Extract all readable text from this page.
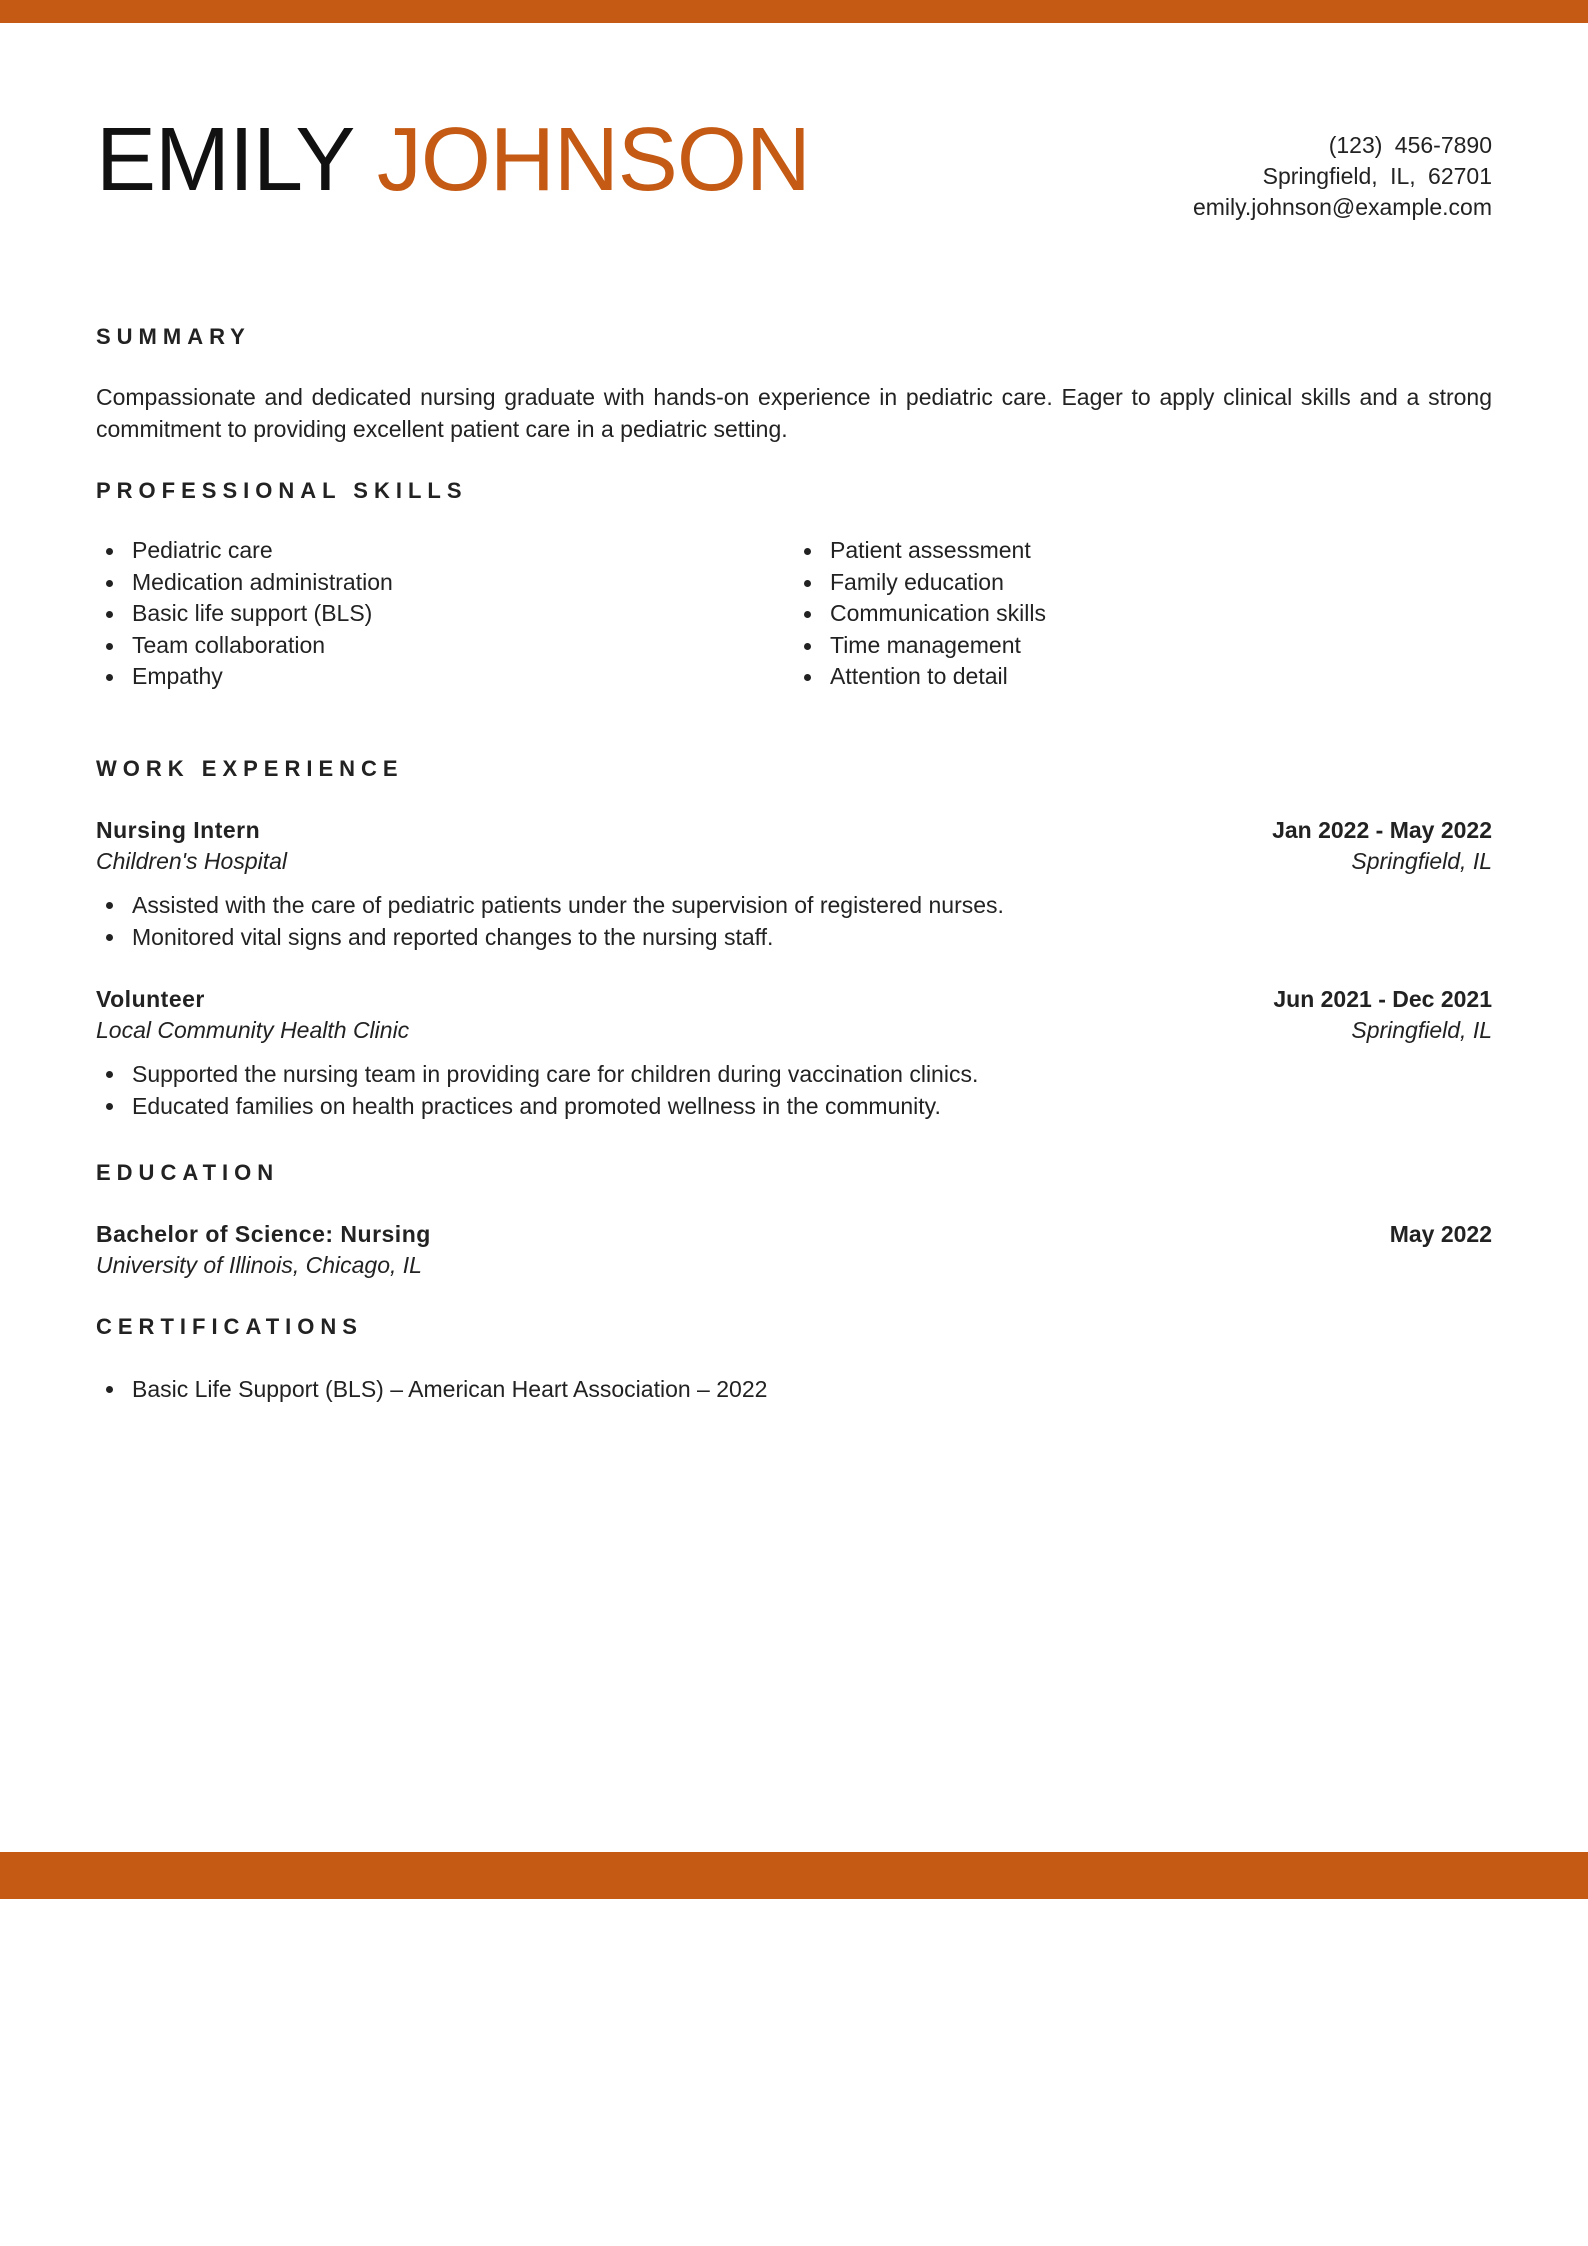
EMILY JOHNSON	(123) 456-7890
Springfield, IL, 62701
emily.johnson@example.com
SUMMARY

Compassionate and dedicated nursing graduate with hands-on experience in pediatric care. Eager to apply clinical skills and a strong commitment to providing excellent patient care in a pediatric setting.

PROFESSIONAL SKILLS
Pediatric care
Medication administration
Basic life support (BLS)
Team collaboration
Empathy
Patient assessment
Family education
Communication skills
Time management
Attention to detail
WORK EXPERIENCE
Nursing Intern	Jan 2022 - May 2022
Children's Hospital	Springfield, IL
Assisted with the care of pediatric patients under the supervision of registered nurses.
Monitored vital signs and reported changes to the nursing staff.
Volunteer	Jun 2021 - Dec 2021
Local Community Health Clinic	Springfield, IL
Supported the nursing team in providing care for children during vaccination clinics.
Educated families on health practices and promoted wellness in the community.
EDUCATION
Bachelor of Science: Nursing	May 2022
University of Illinois, Chicago, IL
CERTIFICATIONS
Basic Life Support (BLS) – American Heart Association – 2022
